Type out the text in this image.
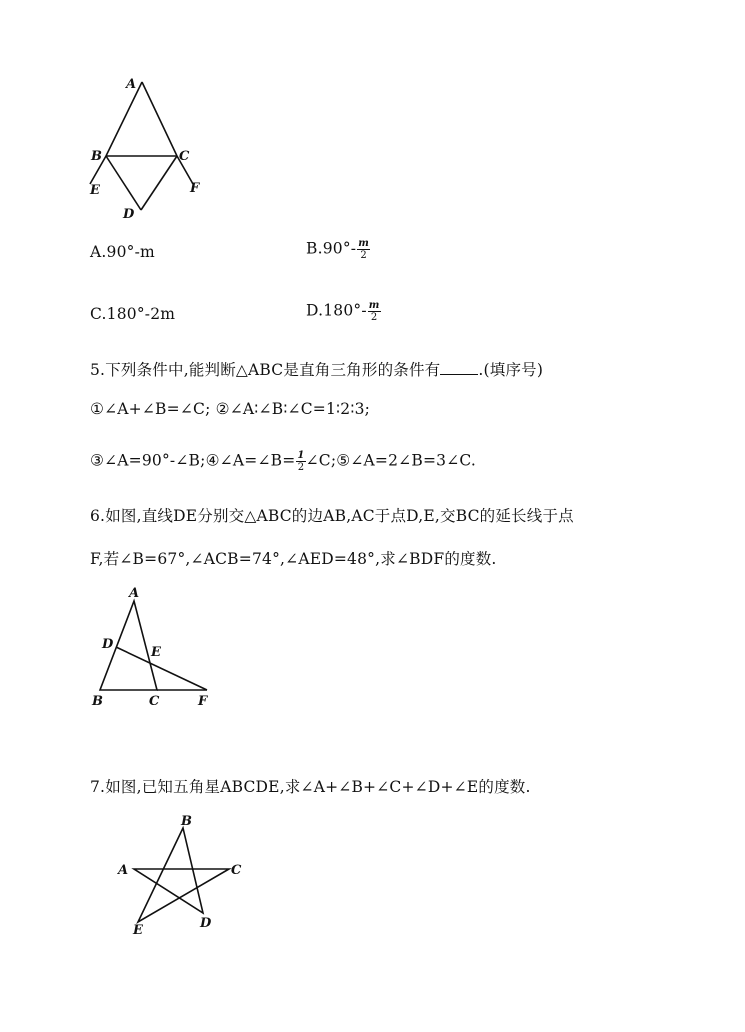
A
B	C
E	F
D
A.90°-m	$B.90^\circ- \frac{m}{2}$
C.180°-2m	$D.180^\circ- \frac{m}{2}$
5.下列条件中,能判断△ABC是直角三角形的条件有 .(填序号)
①∠A+∠B=∠C; ②∠A∶∠B∶∠C=1∶2∶3;
③∠A=90°-∠B;④∠A=∠B= $\frac{1}{2}$ ∠C;⑤∠A=2∠B=3∠C.
6.如图,直线DE分别交△ABC的边AB,AC于点D,E,交BC的延长线于点
F,若∠B=67°,∠ACB=74°,∠AED=48°,求∠BDF的度数.
A
D
E
B	C	F
7.如图,已知五角星ABCDE,求∠A+∠B+∠C+∠D+∠E的度数.
B
A	C
E	D
